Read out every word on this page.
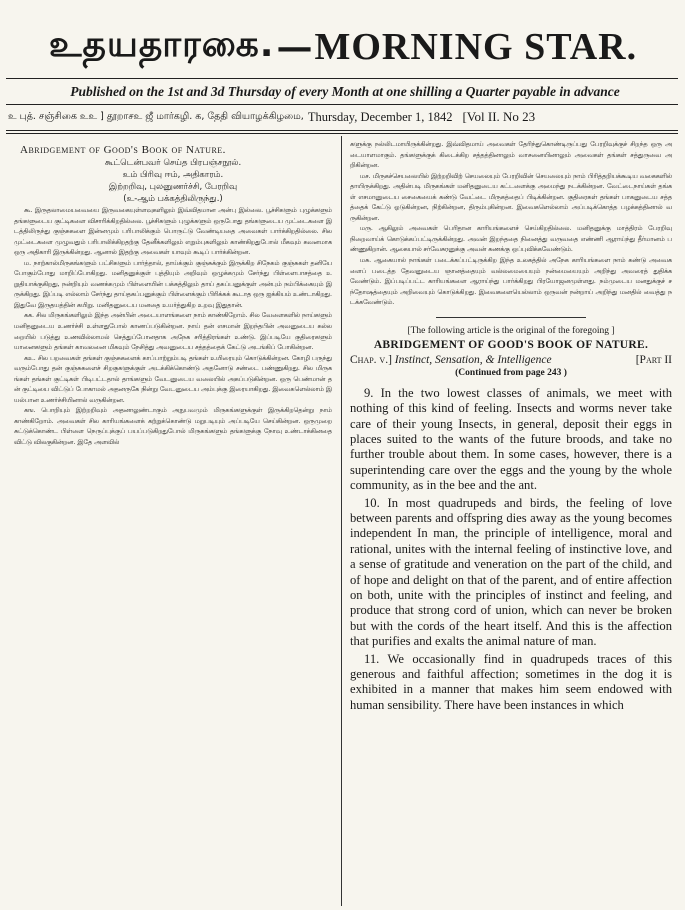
உதயதாரகை. — MORNING STAR.
Published on the 1st and 3d Thursday of every Month at one shilling a Quarter payable in advance
உ புத். சஞ்சிகை உஉ ] தூறாசஉ ஜீ மார்கழி. க, தேதி வியாழக்கிழமை, Thursday, December 1, 1842 [Vol II. No 23
Abridgement of Good's Book of Nature.
கூட்டென்பவர் செய்த பிரபஞ்சநூல்.
உம் பிரிவு ஈம், அதிகாரம்.
இற்றறிவு, புலனுணர்ச்சி, பேரறிவு
(உ-ஆம் பக்கத்திலிருந்து.)

கூ. இருதலாமையவையை இருவகையுள்ளவுகளிலும் இவ்விதமான அன்பு இல்லை. பூச்சிகளும் புழுக்களும் தங்களுடைய குட்டிகளை விசாரிக்கிறதில்லை. பூச்சிகளும் புழுக்களும் ஒருபோது தங்களுடைய முட்டைகளை இடத்திலிருந்து குஞ்சுகளை இன்னமும் பரிபாலிக்கும் பொருட்டு வேண்டியதை அவைகள் பார்க்கிறதில்லை. சில முட்டைகளை முழுவதும் பரிபாலிக்கிறதற்கு தேனீக்களிலும் எறும்புகளிலும் காண்கிறதுபோல் மீகவும் கவனமாக ஒரு அதிகாரி இருக்கின்றது. ஆனால் இதற்கு அவைகள் யாவும் கூடிப் பார்க்கின்றன.

ம. நாற்கால்மிருகங்களும் பட்சிகளும் பார்த்தால், தாய்க்கும் குஞ்சுக்கும் இருக்கிற சிநேகம் குஞ்சுகள் தனியே போகும்போது மாறிப்போகிறது. மனிதனுக்குள் புத்தியும் அறிவும் ஒழுக்கமும் சேர்ந்து பிள்ளைபாசத்தை உறுதியாக்குகிறது, நன்றியும் வணக்கமும் பிள்ளையின் பக்கத்திலும் தாய் தகப்பனுக்குள் அன்பும் நம்பிக்கையும் இருக்கிறது. இப்படி எல்லாம் சேர்ந்து தாய்தகப்பனுக்கும் பிள்ளைக்கும் பிரிக்கக் கூடாத ஒரு ஐக்கியம் உண்டாகிறது. இதுவே இருதயத்தின் கயிறு. மனிதனுடைய மனதை உயர்த்துகிற உறவு இதுதான்.

கக. சில மிருகங்களிலும் இந்த அன்பின் அடையாளங்களை நாம் காண்கிறோம். சில வேளைகளில் நாய்களும் மனிதனுடைய உணர்ச்சி உள்ளதுபோல் காணப்படுகின்றன. நாய் தன் எசமான் இறந்தபின் அவனுடைய கல்லறையில் படுத்து உணவில்லாமல் செத்துப்போனதாக அநேக சரித்திரங்கள் உண்டு. இப்படியே குதிரைகளும் யானைகளும் தங்கள் காவலனை மிகவும் நேசித்து அவனுடைய சத்தத்தைக் கேட்டு அடங்கிப் போகின்றன.

கஉ. சில பறவைகள் தங்கள் குஞ்சுகளைக் காப்பாற்றும்படி தங்கள் உயிரையும் கொடுக்கின்றன. கோழி பருந்து வரும்போது தன் குஞ்சுகளைச் சிறகுகளுக்குள் அடக்கிக்கொண்டு அதனோடு சண்டை பண்ணுகிறது. சில மிருகங்கள் தங்கள் குட்டிகள் பிடிபட்டதால் தாங்களும் வேடனுடைய வலையில் அகப்படுகின்றன. ஒரு பெண்மான் தன் குட்டியை விட்டுப் போகாமல் அதனருகே நின்று வேடனுடைய அம்புக்கு இரையாகிறது. இவைகளெல்லாம் இயல்பான உணர்ச்சியினால் வருகின்றன.

கங. பொறியும் இற்றறிவும் அதனாலுண்டாகும் அநுபவமும் மிருகங்களுக்குள் இருக்கிறதென்று நாம் காண்கிறோம். அவைகள் சில காரியங்களைக் கற்றுக்கொண்டு மறுபடியும் அப்படியே செய்கின்றன. ஒருமுறை சுட்டுக்கொண்ட பிள்ளை நெருப்புக்குப் பயப்படுகிறதுபோல் மிருகங்களும் தங்களுக்கு நோவு உண்டாக்கினதை விட்டு விலகுகின்றன. இதே அளவில்

களுக்கு நல்லிடமாயிருக்கின்றது. இவ்விதமாய் அவைகள் தேரிந்துகொண்டிருப்பது பேரறிவுக்குச் சிறந்த ஒரு அடையாளமாகும். தங்களுக்குக் கிடைக்கிற சத்தத்தினாலும் வாசனையினாலும் அவைகள் தங்கள் சத்துருவை அறிகின்றன.

மச. மிருகச்செயலையில் இற்றறிவிற் செயலையும் பேரறிவின் செயலையும் நாம் பிரித்தறியக்கூடிய வகைகளில் தாயிருக்கிறது. அதின்படி மிருகங்கள் மனிதனுடைய கட்டளைக்கு அமைந்து நடக்கின்றன. வேட்டைநாய்கள் தங்கள் எசமானுடைய சைகையைக் கண்டு வேட்டை மிருகத்தைப் பிடிக்கின்றன. குதிரைகள் தங்கள் பாகனுடைய சத்தத்தைக் கேட்டு ஓடுகின்றன, நிற்கின்றன, திரும்புகின்றன. இவைகளெல்லாம் அப்படிக்கொத்த பழக்கத்தினால் வருகின்றன.

மரு. ஆகிலும் அவைகள் பெரிதான காரியங்களைச் செய்கிறதில்லை. மனிதனுக்கு மாத்திரம் பேரறிவு நிறைவாய்க் கொடுக்கப்பட்டிருக்கின்றது. அவன் இறந்ததை நினைத்து வருவதை எண்ணி ஆராய்ந்து தீர்மானம் பண்ணுகிறான். ஆகையால் சர்வேசுரனுக்கு அவன் கணக்கு ஒப்புவிக்கவேண்டும்.

மசு. ஆகையால் நாங்கள் படைக்கப்பட்டிருக்கிற இந்த உலகத்தில் அநேக காரியங்களை நாம் கண்டு அவைகளைப் படைத்த தேவனுடைய ஞானத்தையும் வல்லமையையும் நன்மையையும் அறிந்து அவரைத் துதிக்கவேண்டும். இப்படிப்பட்ட காரியங்களை ஆராய்ந்து பார்க்கிறது பிரயோஜனமுள்ளது. நம்முடைய மனதுக்குச் சந்தோஷத்தையும் அறிவையும் கொடுக்கிறது. இவைகளையெல்லாம் ஒருவன் நன்றாய் அறிந்து மனதில் வைத்து நடக்கவேண்டும்.

[The following article is the original of the foregoing ]
ABRIDGEMENT OF GOOD'S BOOK OF NATURE.
Chap. v.] Instinct, Sensation, & Intelligence	[Part II
(Continued from page 243 )

9. In the two lowest classes of animals, we meet with nothing of this kind of feeling. Insects and worms never take care of their young Insects, in general, deposit their eggs in places suited to the wants of the future broods, and take no further trouble about them. In some cases, however, there is a superintending care over the eggs and the young by the whole community, as in the bee and the ant.

10. In most quadrupeds and birds, the feeling of love between parents and offspring dies away as the young becomes independent In man, the principle of intelligence, moral and rational, unites with the internal feeling of instinctive love, and a sense of gratitude and veneration on the part of the child, and of hope and delight on that of the parent, and of entire affection on both, unite with the principles of instinct and feeling, and produce that strong cord of union, which can never be broken but with the cords of the heart itself. And this is the affection that purifies and exalts the animal nature of man.

11. We occasionally find in quadrupeds traces of this generous and faithful affection; sometimes in the dog it is exhibited in a manner that makes him seem endowed with human sensibility. There have been instances in which
